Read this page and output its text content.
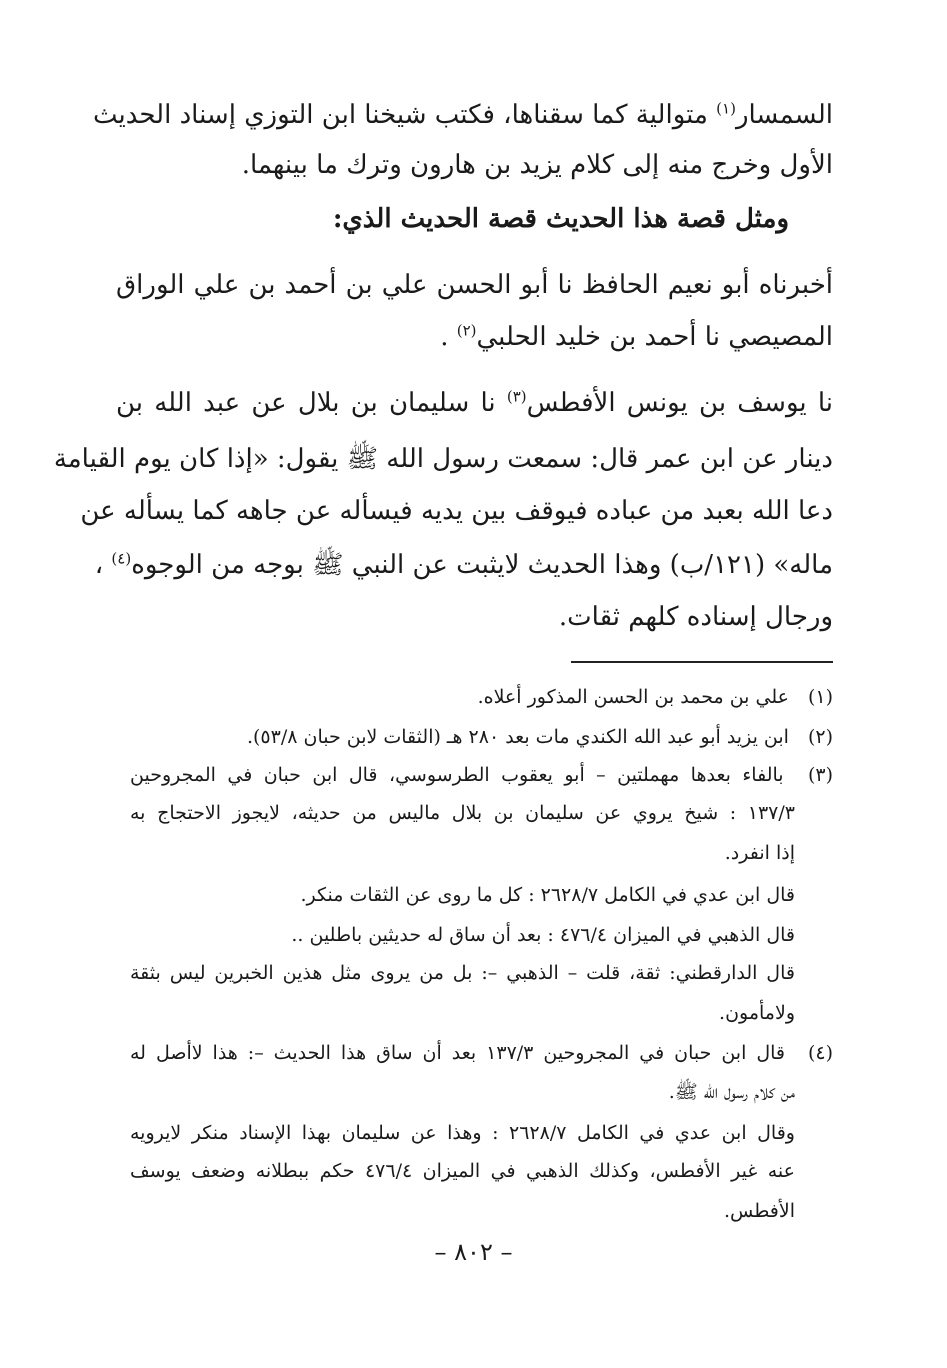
السمسار$^{(١)}$ متوالية كما سقناها، فكتب شيخنا ابن التوزي إسناد الحديث
الأول وخرج منه إلى كلام يزيد بن هارون وترك ما بينهما.
ومثل قصة هذا الحديث قصة الحديث الذي:
أخبرناه أبو نعيم الحافظ نا أبو الحسن علي بن أحمد بن علي الوراق
المصيصي نا أحمد بن خليد الحلبي$^{(٢)}$ .
نا يوسف بن يونس الأفطس$^{(٣)}$ نا سليمان بن بلال عن عبد الله بن
دينار عن ابن عمر قال: سمعت رسول الله ﷺ يقول: «إذا كان يوم القيامة
دعا الله بعبد من عباده فيوقف بين يديه فيسأله عن جاهه كما يسأله عن
ماله» (١٢١/ب) وهذا الحديث لايثبت عن النبي ﷺ بوجه من الوجوه$^{(٤)}$ ،
ورجال إسناده كلهم ثقات.
(١) علي بن محمد بن الحسن المذكور أعلاه.
(٢) ابن يزيد أبو عبد الله الكندي مات بعد ٢٨٠ هـ (الثقات لابن حبان ٥٣/٨).
(٣) بالفاء بعدها مهملتين – أبو يعقوب الطرسوسي، قال ابن حبان في المجروحين
١٣٧/٣ : شيخ يروي عن سليمان بن بلال ماليس من حديثه، لايجوز الاحتجاج به
إذا انفرد.
قال ابن عدي في الكامل ٢٦٢٨/٧ : كل ما روى عن الثقات منكر.
قال الذهبي في الميزان ٤٧٦/٤ : بعد أن ساق له حديثين باطلين ..
قال الدارقطني: ثقة، قلت – الذهبي –: بل من يروى مثل هذين الخبرين ليس بثقة
ولامأمون.
(٤) قال ابن حبان في المجروحين ١٣٧/٣ بعد أن ساق هذا الحديث –: هذا لاأصل له
من كلام رسول الله ﷺ.
وقال ابن عدي في الكامل ٢٦٢٨/٧ : وهذا عن سليمان بهذا الإسناد منكر لايرويه
عنه غير الأفطس، وكذلك الذهبي في الميزان ٤٧٦/٤ حكم ببطلانه وضعف يوسف
الأفطس.
– ٨٠٢ –
